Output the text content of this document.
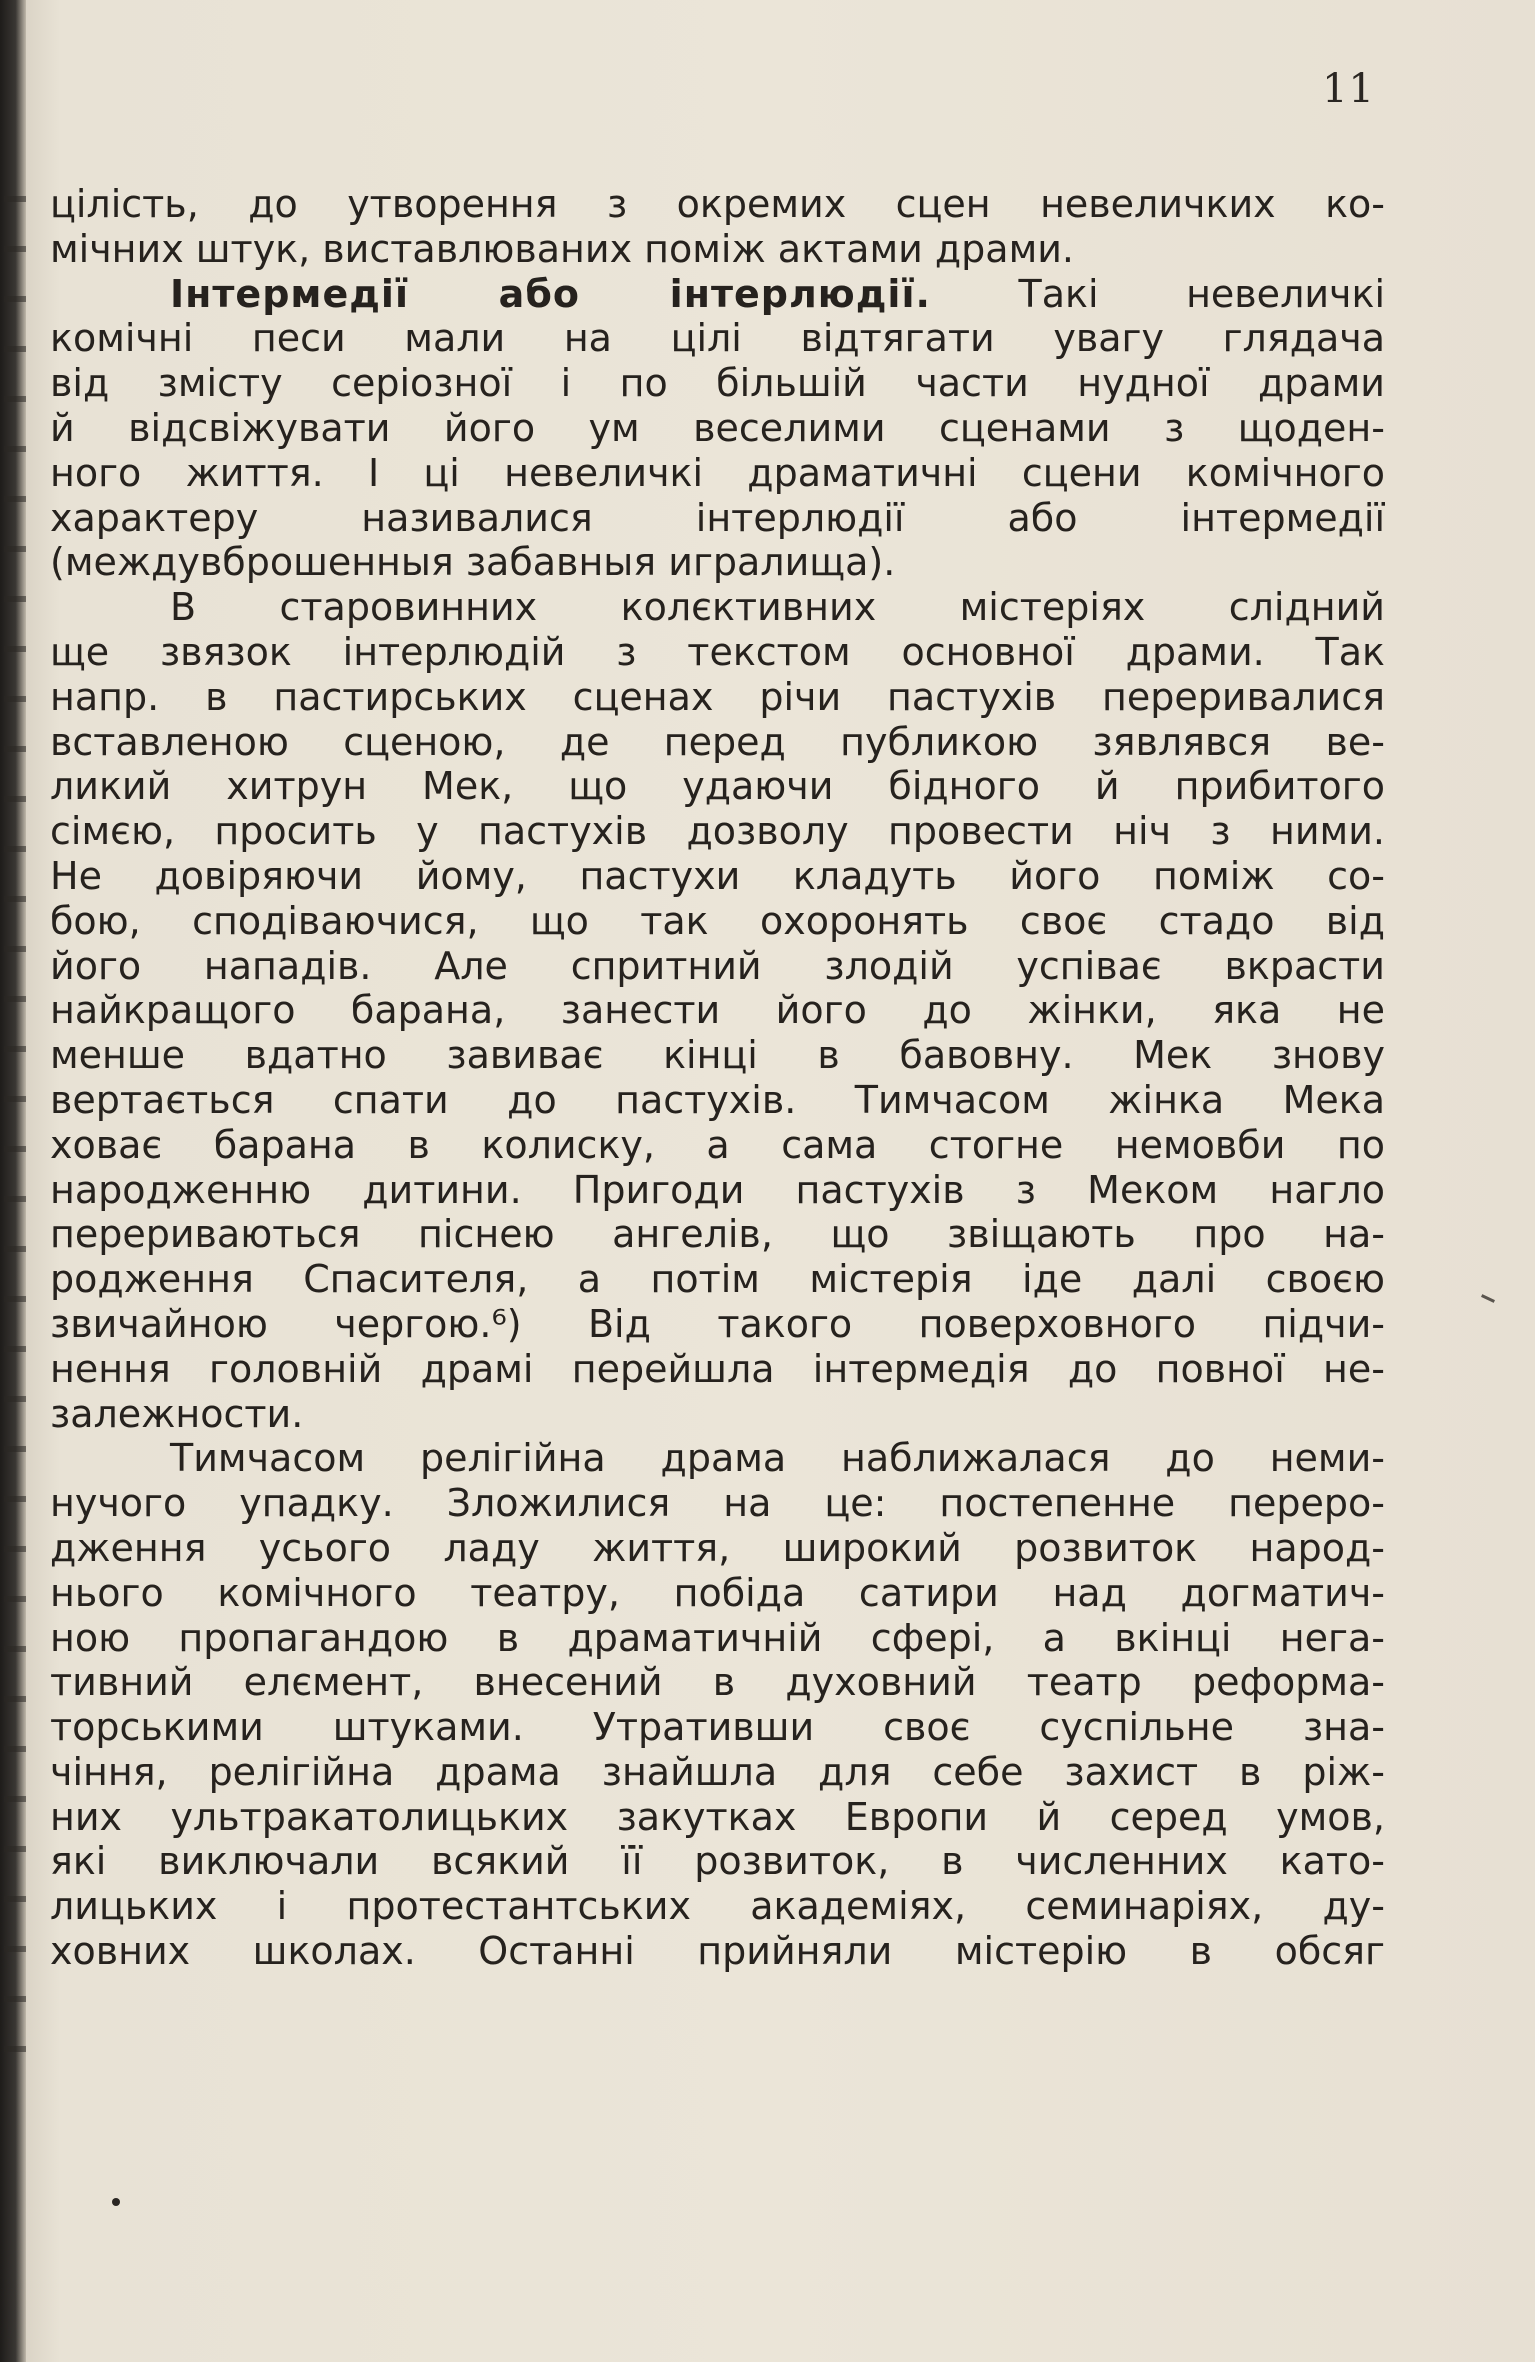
11
цілість, до утворення з окремих сцен невеличких ко-
мічних штук, виставлюваних поміж актами драми.
Інтермедії або інтерлюдії. Такі невеличкі
комічні песи мали на цілі відтягати увагу глядача
від змісту серіозної і по більшій части нудної драми
й відсвіжувати його ум веселими сценами з щоден-
ного життя. І ці невеличкі драматичні сцени комічного
характеру називалися інтерлюдії або інтермедії
(междувброшенныя забавныя игралища).
В старовинних колєктивних містеріях слідний
ще звязок інтерлюдій з текстом основної драми. Так
напр. в пастирських сценах річи пастухів переривалися
вставленою сценою, де перед публикою зявлявся ве-
ликий хитрун Мек, що удаючи бідного й прибитого
сімєю, просить у пастухів дозволу провести ніч з ними.
Не довіряючи йому, пастухи кладуть його поміж со-
бою, сподіваючися, що так охоронять своє стадо від
його нападів. Але спритний злодій успіває вкрасти
найкращого барана, занести його до жінки, яка не
менше вдатно завиває кінці в бавовну. Мек знову
вертається спати до пастухів. Тимчасом жінка Мека
ховає барана в колиску, а сама стогне немовби по
народженню дитини. Пригоди пастухів з Меком нагло
перериваються піснею ангелів, що звіщають про на-
родження Спасителя, а потім містерія іде далі своєю
звичайною чергою.⁶) Від такого поверховного підчи-
нення головній драмі перейшла інтермедія до повної не-
залежности.
Тимчасом релігійна драма наближалася до неми-
нучого упадку. Зложилися на це: постепенне переро-
дження усього ладу життя, широкий розвиток народ-
нього комічного театру, побіда сатири над догматич-
ною пропагандою в драматичній сфері, а вкінці нега-
тивний елємент, внесений в духовний театр реформа-
торськими штуками. Утративши своє суспільне зна-
чіння, релігійна драма знайшла для себе захист в ріж-
них ультракатолицьких закутках Европи й серед умов,
які виключали всякий її розвиток, в численних като-
лицьких і протестантських академіях, семинаріях, ду-
ховних школах. Останні прийняли містерію в обсяг
